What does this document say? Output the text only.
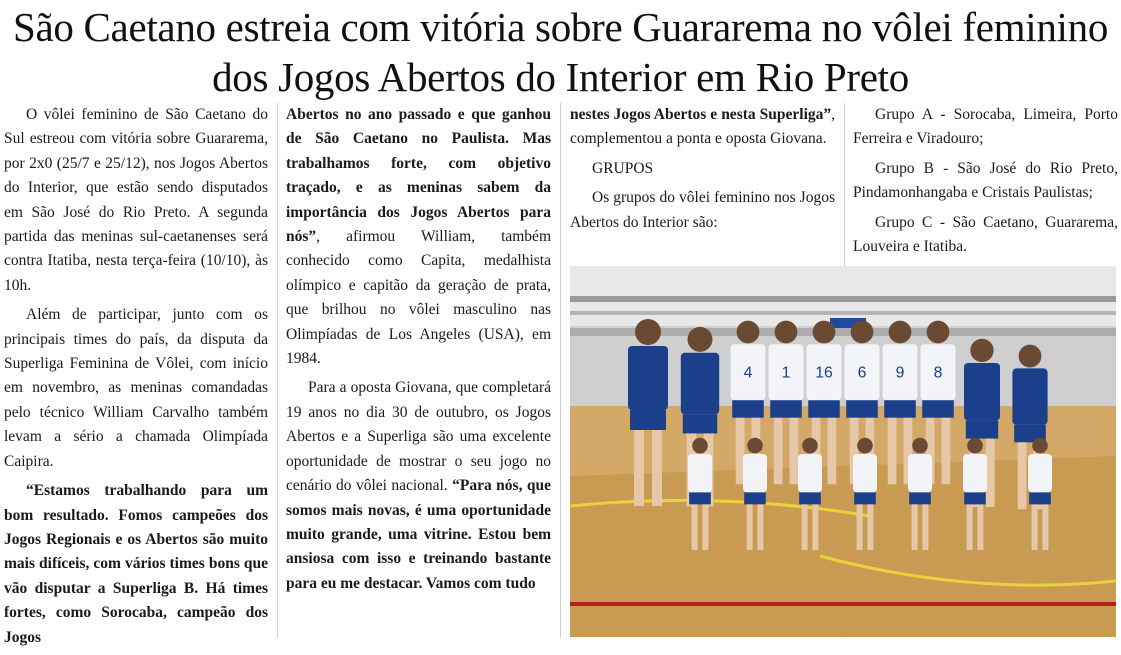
São Caetano estreia com vitória sobre Guararema no vôlei feminino dos Jogos Abertos do Interior em Rio Preto

O vôlei feminino de São Caetano do Sul estreou com vitória sobre Guararema, por 2x0 (25/7 e 25/12), nos Jogos Abertos do Interior, que estão sendo disputados em São José do Rio Preto. A segunda partida das meninas sul-caetanenses será contra Itatiba, nesta terça-feira (10/10), às 10h.

Além de participar, junto com os principais times do país, da disputa da Superliga Feminina de Vôlei, com início em novembro, as meninas comandadas pelo técnico William Carvalho também levam a sério a chamada Olimpíada Caipira.

“Estamos trabalhando para um bom resultado. Fomos campeões dos Jogos Regionais e os Abertos são muito mais difíceis, com vários times bons que vão disputar a Superliga B. Há times fortes, como Sorocaba, campeão dos Jogos

Abertos no ano passado e que ganhou de São Caetano no Paulista. Mas trabalhamos forte, com objetivo traçado, e as meninas sabem da importância dos Jogos Abertos para nós”, afirmou William, também conhecido como Capita, medalhista olímpico e capitão da geração de prata, que brilhou no vôlei masculino nas Olimpíadas de Los Angeles (USA), em 1984.

Para a oposta Giovana, que completará 19 anos no dia 30 de outubro, os Jogos Abertos e a Superliga são uma excelente oportunidade de mostrar o seu jogo no cenário do vôlei nacional. “Para nós, que somos mais novas, é uma oportunidade muito grande, uma vitrine. Estou bem ansiosa com isso e treinando bastante para eu me destacar. Vamos com tudo

nestes Jogos Abertos e nesta Superliga”, complementou a ponta e oposta Giovana.

GRUPOS

Os grupos do vôlei feminino nos Jogos Abertos do Interior são:

Grupo A - Sorocaba, Limeira, Porto Ferreira e Viradouro;

Grupo B - São José do Rio Preto, Pindamonhangaba e Cristais Paulistas;

Grupo C - São Caetano, Guararema, Louveira e Itatiba.

4 1 16 6 9 8
